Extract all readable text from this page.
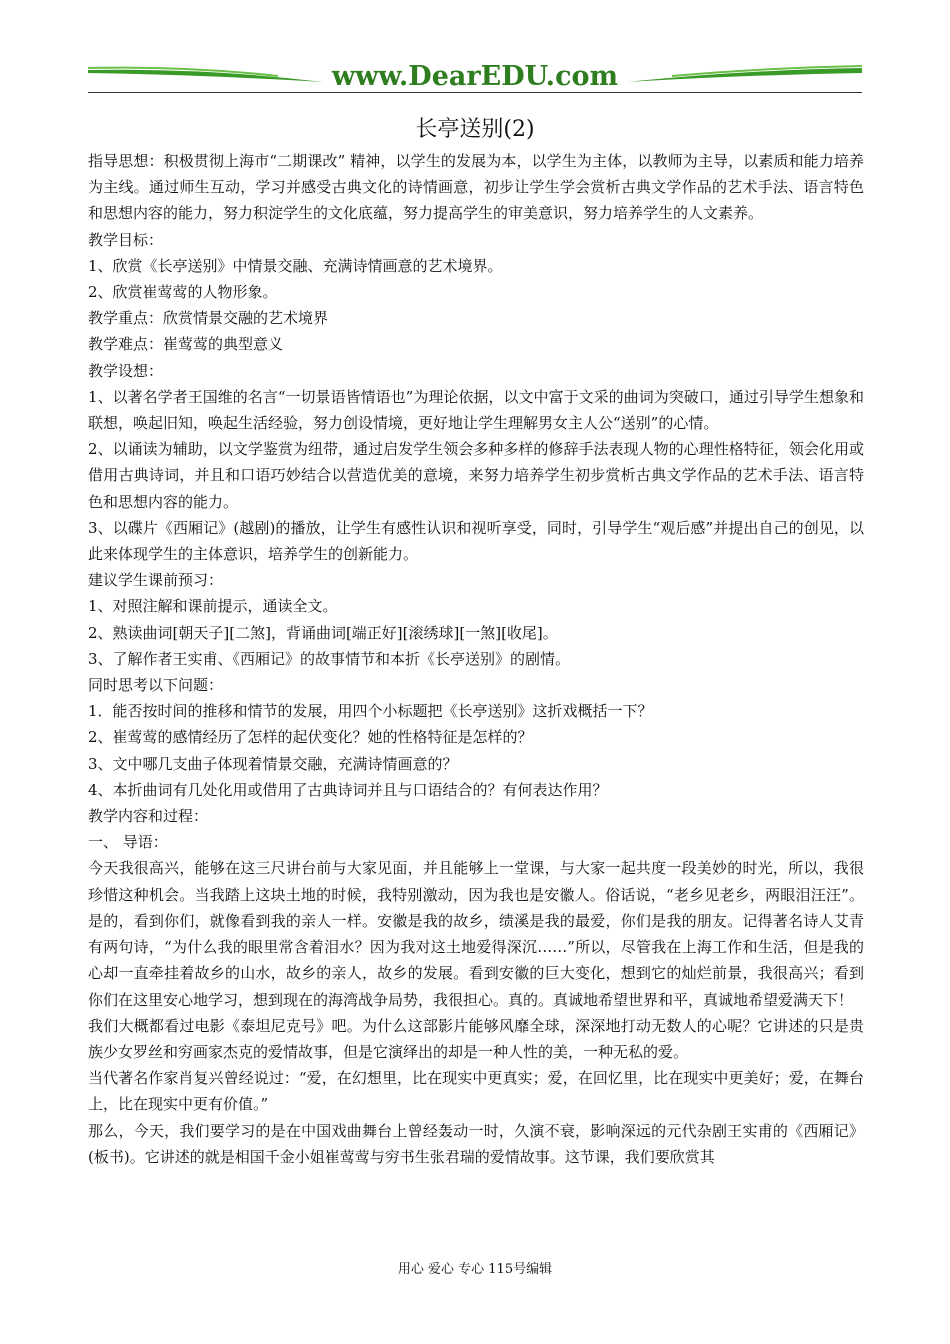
www.DearEDU.com
长亭送别(2)

指导思想：积极贯彻上海市“二期课改” 精神，以学生的发展为本，以学生为主体，以教师为主导，以素质和能力培养为主线。通过师生互动，学习并感受古典文化的诗情画意，初步让学生学会赏析古典文学作品的艺术手法、语言特色和思想内容的能力，努力积淀学生的文化底蕴，努力提高学生的审美意识，努力培养学生的人文素养。

教学目标：

1、欣赏《长亭送别》中情景交融、充满诗情画意的艺术境界。

2、欣赏崔莺莺的人物形象。

教学重点：欣赏情景交融的艺术境界

教学难点：崔莺莺的典型意义

教学设想：

1、以著名学者王国维的名言“一切景语皆情语也”为理论依据，以文中富于文采的曲词为突破口，通过引导学生想象和联想，唤起旧知，唤起生活经验，努力创设情境，更好地让学生理解男女主人公“送别”的心情。

2、以诵读为辅助，以文学鉴赏为纽带，通过启发学生领会多种多样的修辞手法表现人物的心理性格特征，领会化用或借用古典诗词，并且和口语巧妙结合以营造优美的意境，来努力培养学生初步赏析古典文学作品的艺术手法、语言特色和思想内容的能力。

3、以碟片《西厢记》(越剧)的播放，让学生有感性认识和视听享受，同时，引导学生“观后感”并提出自己的创见，以此来体现学生的主体意识，培养学生的创新能力。

建议学生课前预习：

1、对照注解和课前提示，通读全文。

2、熟读曲词[朝天子][二煞]，背诵曲词[端正好][滚绣球][一煞][收尾]。

3、了解作者王实甫、《西厢记》的故事情节和本折《长亭送别》的剧情。

同时思考以下问题：

1．能否按时间的推移和情节的发展，用四个小标题把《长亭送别》这折戏概括一下？

2、崔莺莺的感情经历了怎样的起伏变化？她的性格特征是怎样的？

3、文中哪几支曲子体现着情景交融，充满诗情画意的？

4、本折曲词有几处化用或借用了古典诗词并且与口语结合的？有何表达作用？

教学内容和过程：

一、 导语：

今天我很高兴，能够在这三尺讲台前与大家见面，并且能够上一堂课，与大家一起共度一段美妙的时光，所以，我很珍惜这种机会。当我踏上这块土地的时候，我特别激动，因为我也是安徽人。俗话说，“老乡见老乡，两眼泪汪汪”。是的，看到你们，就像看到我的亲人一样。安徽是我的故乡，绩溪是我的最爱，你们是我的朋友。记得著名诗人艾青有两句诗，“为什么我的眼里常含着泪水？因为我对这土地爱得深沉……”所以，尽管我在上海工作和生活，但是我的心却一直牵挂着故乡的山水，故乡的亲人，故乡的发展。看到安徽的巨大变化，想到它的灿烂前景，我很高兴；看到你们在这里安心地学习，想到现在的海湾战争局势，我很担心。真的。真诚地希望世界和平，真诚地希望爱满天下！

我们大概都看过电影《泰坦尼克号》吧。为什么这部影片能够风靡全球，深深地打动无数人的心呢？它讲述的只是贵族少女罗丝和穷画家杰克的爱情故事，但是它演绎出的却是一种人性的美，一种无私的爱。

当代著名作家肖复兴曾经说过：“爱，在幻想里，比在现实中更真实；爱，在回忆里，比在现实中更美好；爱，在舞台上，比在现实中更有价值。”

那么，今天，我们要学习的是在中国戏曲舞台上曾经轰动一时，久演不衰，影响深远的元代杂剧王实甫的《西厢记》(板书)。它讲述的就是相国千金小姐崔莺莺与穷书生张君瑞的爱情故事。这节课，我们要欣赏其

用心 爱心 专心 115号编辑
